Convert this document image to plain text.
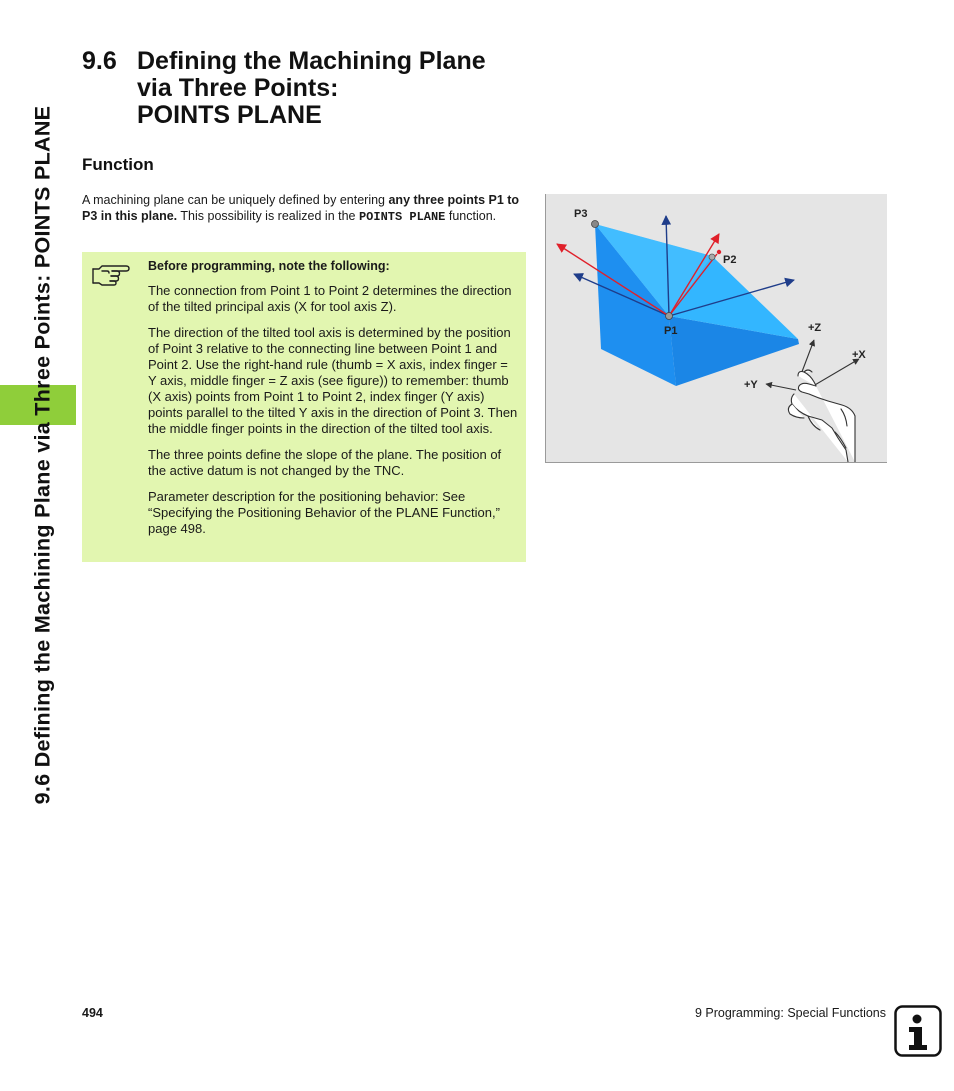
9.6 Defining the Machining Plane via Three Points: POINTS PLANE
9.6 Defining the Machining Plane
via Three Points:
POINTS PLANE
Function

A machining plane can be uniquely defined by entering any three points P1 to P3 in this plane. This possibility is realized in the POINTS PLANE function.

Before programming, note the following:

The connection from Point 1 to Point 2 determines the direction of the tilted principal axis (X for tool axis Z).

The direction of the tilted tool axis is determined by the position of Point 3 relative to the connecting line between Point 1 and Point 2. Use the right-hand rule (thumb = X axis, index finger = Y axis, middle finger = Z axis (see figure)) to remember: thumb (X axis) points from Point 1 to Point 2, index finger (Y axis) points parallel to the tilted Y axis in the direction of Point 3. Then the middle finger points in the direction of the tilted tool axis.

The three points define the slope of the plane. The position of the active datum is not changed by the TNC.

Parameter description for the positioning behavior: See “Specifying the Positioning Behavior of the PLANE Function,” page 498.

P3
P2
P1	+Z
+X
+Y
494	9 Programming: Special Functions
